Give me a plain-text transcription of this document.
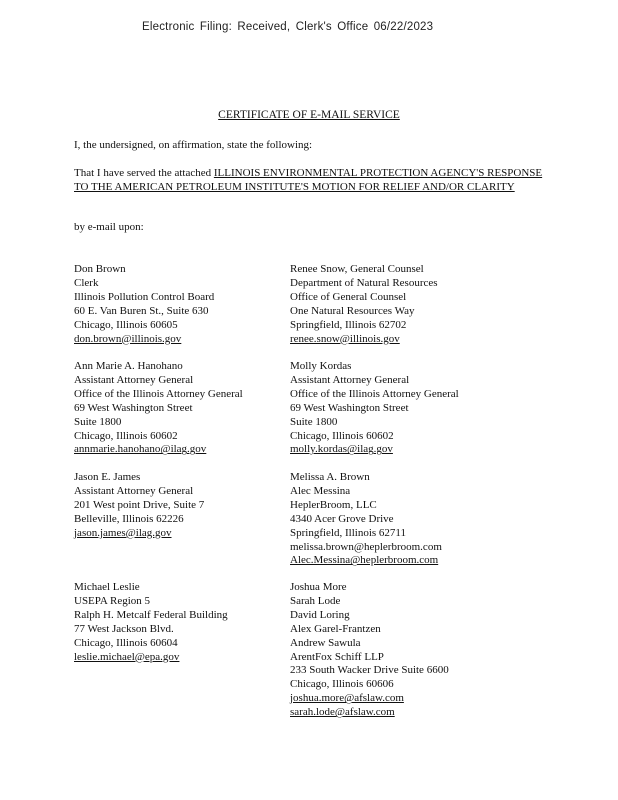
Electronic Filing: Received, Clerk's Office 06/22/2023
CERTIFICATE OF E-MAIL SERVICE
I, the undersigned, on affirmation, state the following:
That I have served the attached ILLINOIS ENVIRONMENTAL PROTECTION AGENCY'S RESPONSE TO THE AMERICAN PETROLEUM INSTITUTE'S MOTION FOR RELIEF AND/OR CLARITY
by e-mail upon:
Don Brown
Clerk
Illinois Pollution Control Board
60 E. Van Buren St., Suite 630
Chicago, Illinois 60605
don.brown@illinois.gov
Ann Marie A. Hanohano
Assistant Attorney General
Office of the Illinois Attorney General
69 West Washington Street
Suite 1800
Chicago, Illinois 60602
annmarie.hanohano@ilag.gov
Jason E. James
Assistant Attorney General
201 West point Drive, Suite 7
Belleville, Illinois 62226
jason.james@ilag.gov
Michael Leslie
USEPA Region 5
Ralph H. Metcalf Federal Building
77 West Jackson Blvd.
Chicago, Illinois 60604
leslie.michael@epa.gov
Renee Snow, General Counsel
Department of Natural Resources
Office of General Counsel
One Natural Resources Way
Springfield, Illinois 62702
renee.snow@illinois.gov
Molly Kordas
Assistant Attorney General
Office of the Illinois Attorney General
69 West Washington Street
Suite 1800
Chicago, Illinois 60602
molly.kordas@ilag.gov
Melissa A. Brown
Alec Messina
HeplerBroom, LLC
4340 Acer Grove Drive
Springfield, Illinois 62711
melissa.brown@heplerbroom.com
Alec.Messina@heplerbroom.com
Joshua More
Sarah Lode
David Loring
Alex Garel-Frantzen
Andrew Sawula
ArentFox Schiff LLP
233 South Wacker Drive Suite 6600
Chicago, Illinois 60606
joshua.more@afslaw.com
sarah.lode@afslaw.com
